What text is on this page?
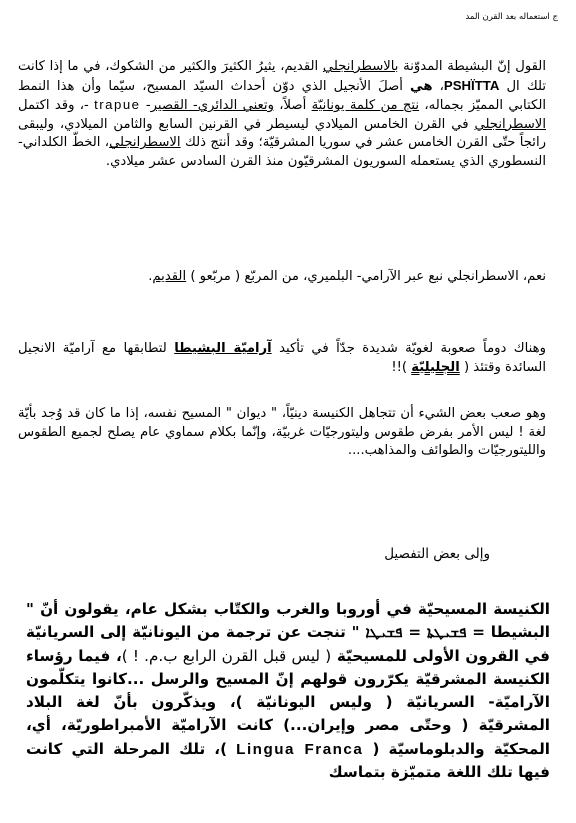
ج استعماله بعد القرن المد
القول إنّ البشيطة المدوّنة بالاسطرانجلي القديم، يثيرُ الكثيرَ والكثير من الشكوك، في ما إذا كانت تلك ال PSHÏTTA، هي أصلَ الأنجيل الذي دوّن أحداث السيّد المسيح، سيّما وأن هذا النمط الكتابي المميّز بجماله، نتج من كلمة يونانيّة أصلاً، وتعني الدائري- القصير- trapue -، وقد اكتمل الاسطرانجلي في القرن الخامس الميلادي ليسيطر في القرنين السابع والثامن الميلادي، وليبقى رائجاً حتّى القرن الخامس عشر في سوريا المشرقيّة؛ وقد أنتج ذلك الاسطرانجلي، الخطّ الكلداني- النسطوري الذي يستعمله السوريون المشرقيّون منذ القرن السادس عشر ميلادي.
نعم، الاسطرانجلي نبع عبر الآرامي- البلميري، من المربّع ( مربّعو ) القديم.
وهناك دوماً صعوبة لغويّة شديدة جدّاً في تأكيد آراميّة البشيطا لتطابقها مع آراميّة الانجيل السائدة وقتئذ ( الجليليّة )!!
وهو صعب بعض الشيء أن تتجاهل الكنيسة دينيّاً، " ديوان " المسيح نفسه، إذا ما كان قد وُجد بأيّة لغة ! ليس الأمر بفرض طقوس وليتورجيّات غربيّة، وإنّما بكلام سماوي عام يصلح لجميع الطقوس والليتورجيّات والطوائف والمذاهب....
وإلى بعض التفصيل
الكنيسة المسيحيّة في أوروبا والغرب والكتّاب بشكل عام، يقولون أنّ " البشيطا = ܦܫܝܛܬܐ = ܦܫܝܛܐ " تنجت عن ترجمة من اليونانيّة إلى السريانيّة في القرون الأولى للمسيحيّة ( ليس قبل القرن الرابع ب.م. ! )، فيما رؤساء الكنيسة المشرقيّة يكرّرون قولهم إنّ المسيح والرسل ...كانوا يتكلّمون الآراميّة- السريانيّة ( وليس اليونانيّة )، ويذكّرون بأنّ لغة البلاد المشرقيّة ( وحتّى مصر وإيران...) كانت الآراميّة الأمبراطوريّة، أي، المحكيّة والدبلوماسيّة ( Lingua Franca )، تلك المرحلة التي كانت فيها تلك اللغة متميّزة بتماسك
